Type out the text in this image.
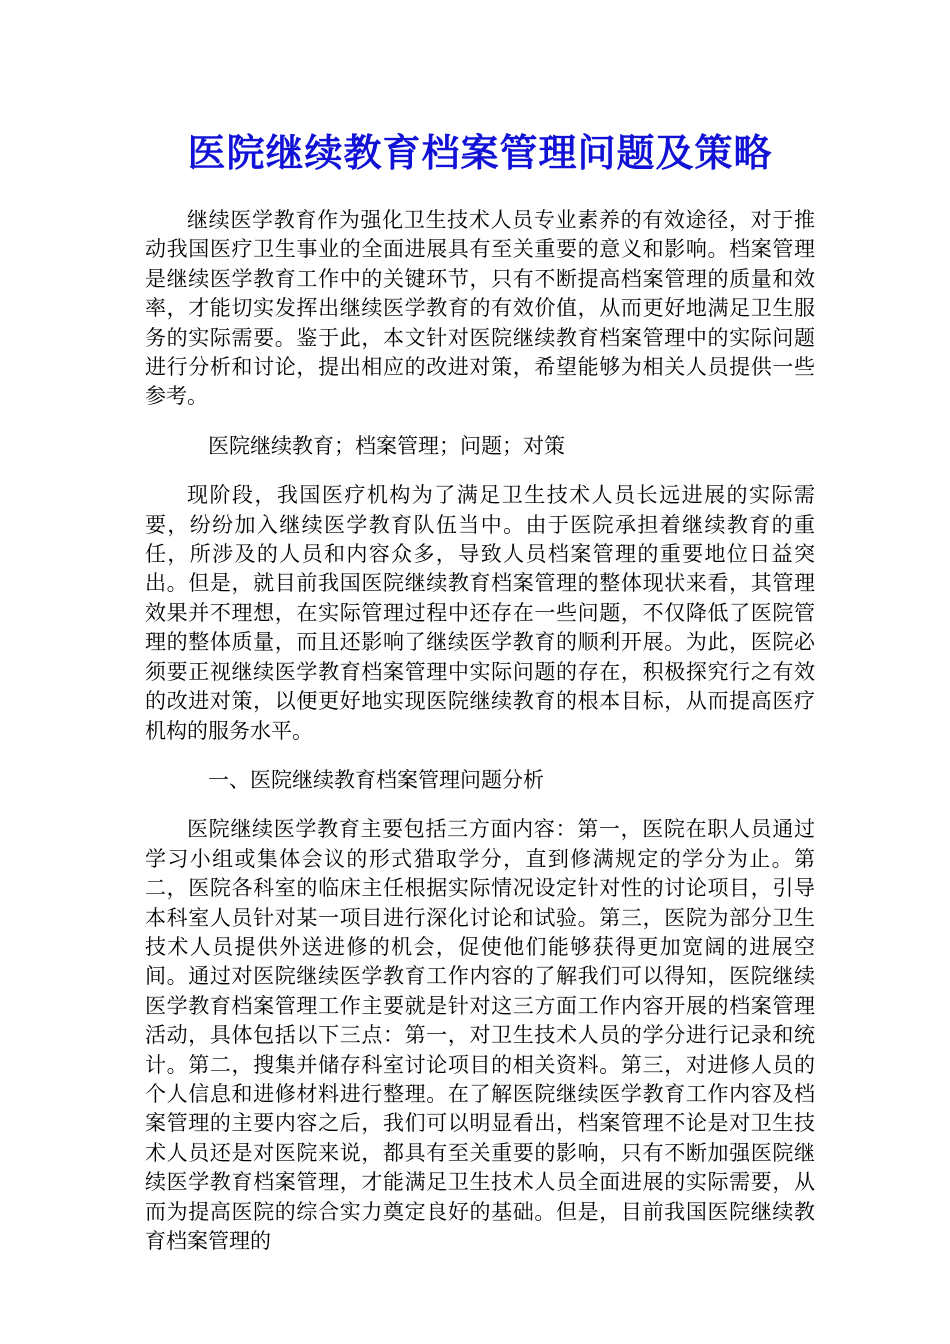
医院继续教育档案管理问题及策略

继续医学教育作为强化卫生技术人员专业素养的有效途径，对于推动我国医疗卫生事业的全面进展具有至关重要的意义和影响。档案管理是继续医学教育工作中的关键环节，只有不断提高档案管理的质量和效率，才能切实发挥出继续医学教育的有效价值，从而更好地满足卫生服务的实际需要。鉴于此，本文针对医院继续教育档案管理中的实际问题进行分析和讨论，提出相应的改进对策，希望能够为相关人员提供一些参考。

医院继续教育；档案管理；问题；对策

现阶段，我国医疗机构为了满足卫生技术人员长远进展的实际需要，纷纷加入继续医学教育队伍当中。由于医院承担着继续教育的重任，所涉及的人员和内容众多，导致人员档案管理的重要地位日益突出。但是，就目前我国医院继续教育档案管理的整体现状来看，其管理效果并不理想，在实际管理过程中还存在一些问题，不仅降低了医院管理的整体质量，而且还影响了继续医学教育的顺利开展。为此，医院必须要正视继续医学教育档案管理中实际问题的存在，积极探究行之有效的改进对策，以便更好地实现医院继续教育的根本目标，从而提高医疗机构的服务水平。

一、医院继续教育档案管理问题分析

医院继续医学教育主要包括三方面内容：第一，医院在职人员通过学习小组或集体会议的形式猎取学分，直到修满规定的学分为止。第二，医院各科室的临床主任根据实际情况设定针对性的讨论项目，引导本科室人员针对某一项目进行深化讨论和试验。第三，医院为部分卫生技术人员提供外送进修的机会，促使他们能够获得更加宽阔的进展空间。通过对医院继续医学教育工作内容的了解我们可以得知，医院继续医学教育档案管理工作主要就是针对这三方面工作内容开展的档案管理活动，具体包括以下三点：第一，对卫生技术人员的学分进行记录和统计。第二，搜集并储存科室讨论项目的相关资料。第三，对进修人员的个人信息和进修材料进行整理。在了解医院继续医学教育工作内容及档案管理的主要内容之后，我们可以明显看出，档案管理不论是对卫生技术人员还是对医院来说，都具有至关重要的影响，只有不断加强医院继续医学教育档案管理，才能满足卫生技术人员全面进展的实际需要，从而为提高医院的综合实力奠定良好的基础。但是，目前我国医院继续教育档案管理的
